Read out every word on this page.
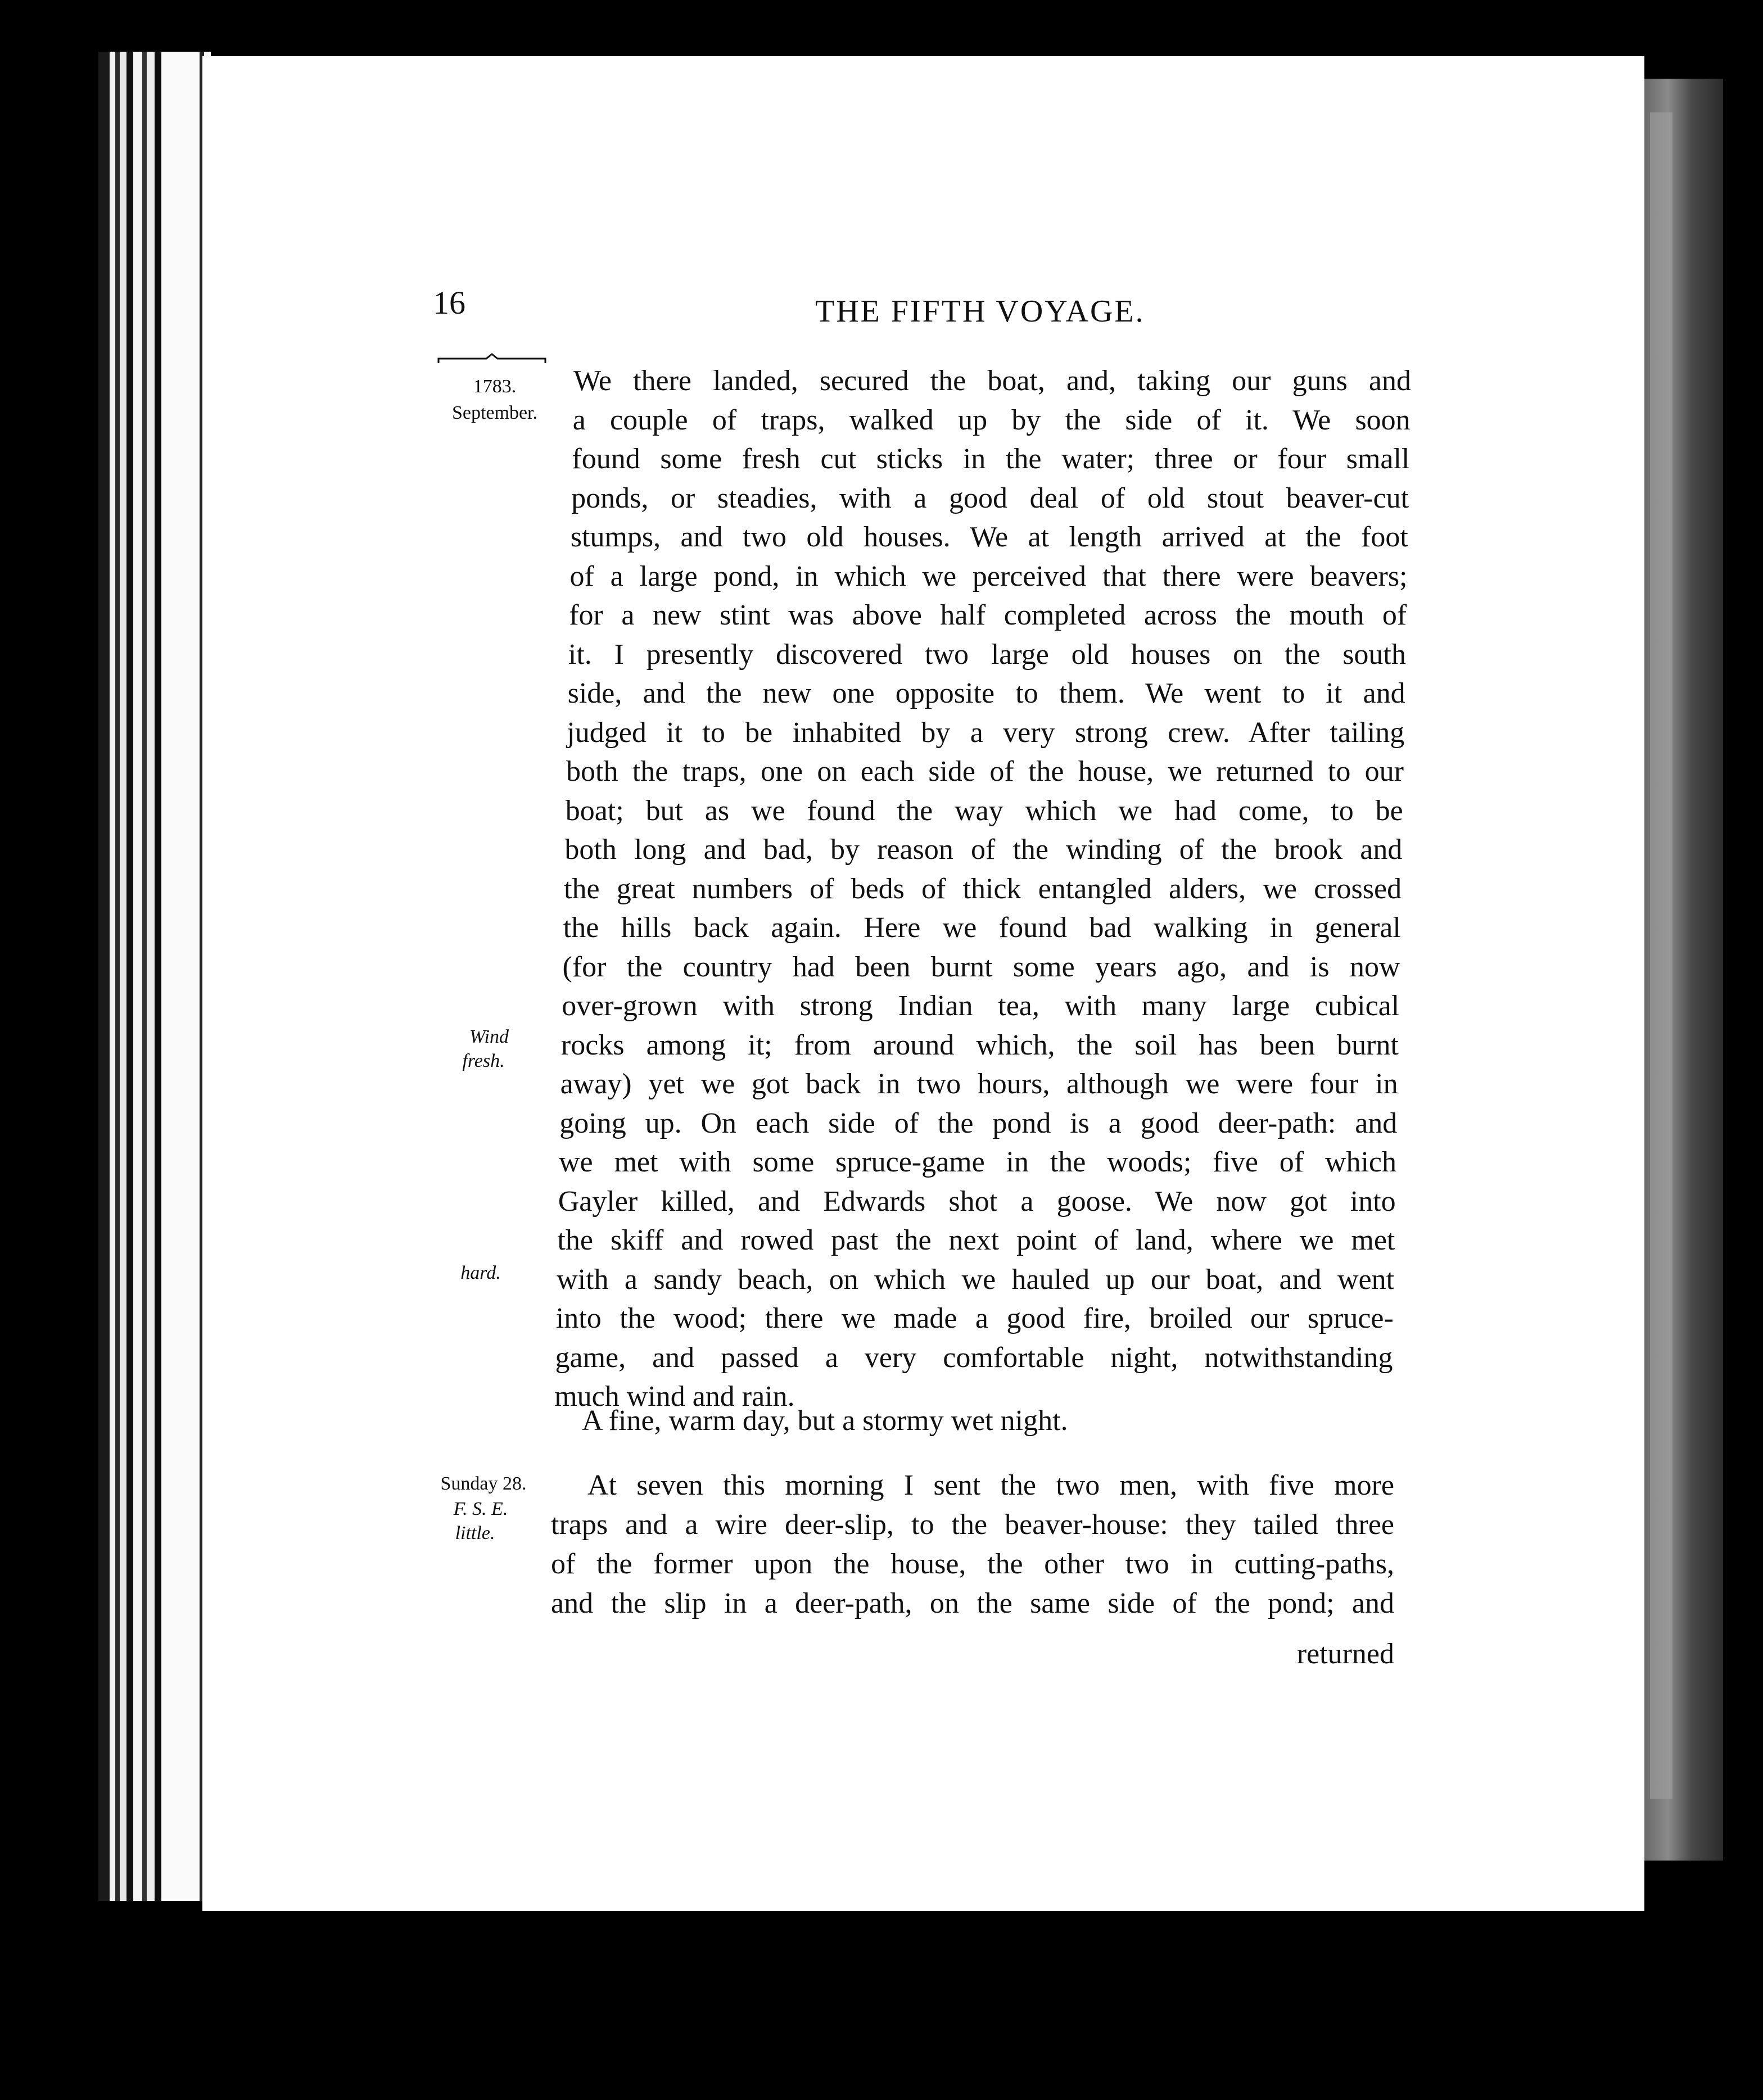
16	THE FIFTH VOYAGE.
1783.
September.
Wind
fresh.
hard.
Sunday 28.
F. S. E.
little.
We there landed, secured the boat, and, taking our guns and
a couple of traps, walked up by the side of it. We soon
found some fresh cut sticks in the water; three or four small
ponds, or steadies, with a good deal of old stout beaver-cut
stumps, and two old houses. We at length arrived at the foot
of a large pond, in which we perceived that there were beavers;
for a new stint was above half completed across the mouth of
it. I presently discovered two large old houses on the south
side, and the new one opposite to them. We went to it and
judged it to be inhabited by a very strong crew. After tailing
both the traps, one on each side of the house, we returned to our
boat; but as we found the way which we had come, to be
both long and bad, by reason of the winding of the brook and
the great numbers of beds of thick entangled alders, we crossed
the hills back again. Here we found bad walking in general
(for the country had been burnt some years ago, and is now
over-grown with strong Indian tea, with many large cubical
rocks among it; from around which, the soil has been burnt
away) yet we got back in two hours, although we were four in
going up. On each side of the pond is a good deer-path: and
we met with some spruce-game in the woods; five of which
Gayler killed, and Edwards shot a goose. We now got into
the skiff and rowed past the next point of land, where we met
with a sandy beach, on which we hauled up our boat, and went
into the wood; there we made a good fire, broiled our spruce-
game, and passed a very comfortable night, notwithstanding
much wind and rain.
A fine, warm day, but a stormy wet night.
At seven this morning I sent the two men, with five more
traps and a wire deer-slip, to the beaver-house: they tailed three
of the former upon the house, the other two in cutting-paths,
and the slip in a deer-path, on the same side of the pond; and
returned
